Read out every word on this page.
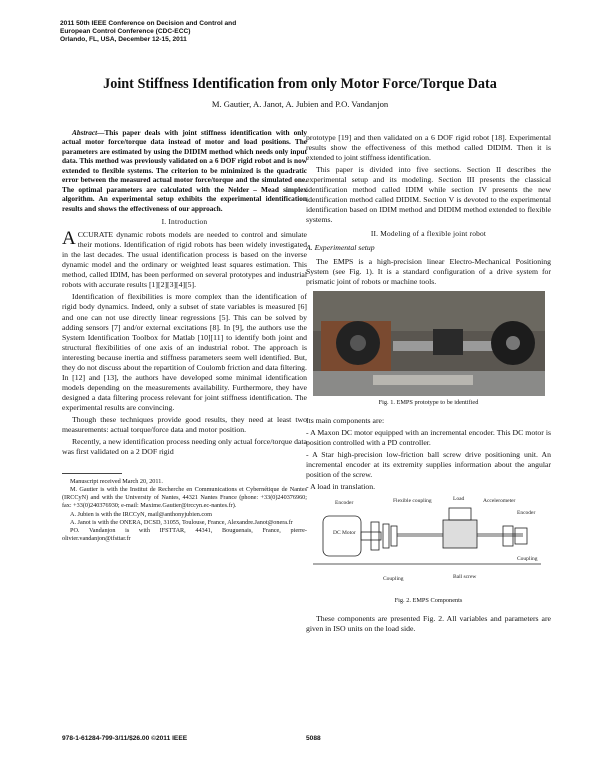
2011 50th IEEE Conference on Decision and Control and
European Control Conference (CDC-ECC)
Orlando, FL, USA, December 12-15, 2011
Joint Stiffness Identification from only Motor Force/Torque Data
M. Gautier, A. Janot, A. Jubien and P.O. Vandanjon

Abstract—This paper deals with joint stiffness identification with only actual motor force/torque data instead of motor and load positions. The parameters are estimated by using the DIDIM method which needs only input data. This method was previously validated on a 6 DOF rigid robot and is now extended to flexible systems. The criterion to be minimized is the quadratic error between the measured actual motor force/torque and the simulated one. The optimal parameters are calculated with the Nelder – Mead simplex algorithm. An experimental setup exhibits the experimental identification results and shows the effectiveness of our approach.

I. Introduction

ACCURATE dynamic robots models are needed to control and simulate their motions. Identification of rigid robots has been widely investigated in the last decades. The usual identification process is based on the inverse dynamic model and the ordinary or weighted least squares estimation. This method, called IDIM, has been performed on several prototypes and industrial robots with accurate results [1][2][3][4][5].

Identification of flexibilities is more complex than the identification of rigid body dynamics. Indeed, only a subset of state variables is measured [6] and one can not use directly linear regressions [5]. This can be solved by adding sensors [7] and/or external excitations [8]. In [9], the authors use the System Identification Toolbox for Matlab [10][11] to identify both joint and structural flexibilities of one axis of an industrial robot. The approach is interesting because inertia and stiffness parameters seem well identified. But, they do not discuss about the repartition of Coulomb friction and data filtering. In [12] and [13], the authors have developed some minimal identification models depending on the measurements availability. Furthermore, they have designed a data filtering process relevant for joint stiffness identification. The experimental results are convincing.

Though these techniques provide good results, they need at least two measurements: actual torque/force data and motor position.

Recently, a new identification process needing only actual force/torque data was first validated on a 2 DOF rigid

Manuscript received March 20, 2011.

M. Gautier is with the Institut de Recherche en Communications et Cybernétique de Nantes (IRCCyN) and with the University of Nantes, 44321 Nantes France (phone: +33(0)240376960; fax: +33(0)240376930; e-mail: Maxime.Gautier@irccyn.ec-nantes.fr).

A. Jubien is with the IRCCyN, mail@anthonyjubien.com

A. Janot is with the ONERA, DCSD, 31055, Toulouse, France, Alexandre.Janot@onera.fr

PO. Vandanjon is with IFSTTAR, 44341, Bouguenais, France, pierre-olivier.vandanjon@ifsttar.fr

prototype [19] and then validated on a 6 DOF rigid robot [18]. Experimental results show the effectiveness of this method called DIDIM. Then it is extended to joint stiffness identification.

This paper is divided into five sections. Section II describes the experimental setup and its modeling. Section III presents the classical identification method called IDIM while section IV presents the new identification method called DIDIM. Section V is devoted to the experimental identification based on IDIM method and DIDIM method extended to flexible systems.

II. Modeling of a flexible joint robot
A. Experimental setup

The EMPS is a high-precision linear Electro-Mechanical Positioning System (see Fig. 1). It is a standard configuration of a drive system for prismatic joint of robots or machine tools.

Fig. 1. EMPS prototype to be identified

Its main components are:

- A Maxon DC motor equipped with an incremental encoder. This DC motor is position controlled with a PD controller.

- A Star high-precision low-friction ball screw drive positioning unit. An incremental encoder at its extremity supplies information about the angular position of the screw.

- A load in translation.

DC Motor
Encoder	Flexible coupling	Load	Accelerometer
Encoder
Coupling	Ball screw
Coupling
Fig. 2. EMPS Components

These components are presented Fig. 2. All variables and parameters are given in ISO units on the load side.

978-1-61284-799-3/11/$26.00 ©2011 IEEE	5088
